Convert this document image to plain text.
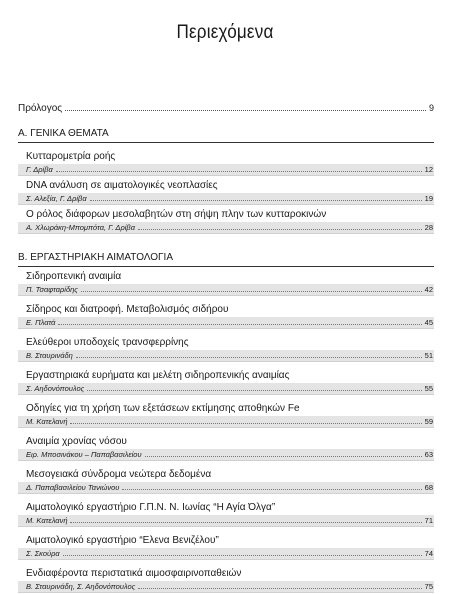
Περιεχόμενα
Πρόλογος	9
Α. ΓΕΝΙΚΑ ΘΕΜΑΤΑ
Κυτταρομετρία ροής
Γ. Δρίβα	12
DNA ανάλυση σε αιματολογικές νεοπλασίες
Σ. Αλεξία, Γ. Δρίβα	19
Ο ρόλος διάφορων μεσολαβητών στη σήψη πλην των κυτταροκινών
Α. Χλωράκη-Μπομπότα, Γ. Δρίβα	28
Β. ΕΡΓΑΣΤΗΡΙΑΚΗ ΑΙΜΑΤΟΛΟΓΙΑ
Σιδηροπενική αναιμία
Π. Τσαφταρίδης	42
Σίδηρος και διατροφή. Μεταβολισμός σιδήρου
Ε. Πλατά	45
Ελεύθεροι υποδοχείς τρανσφερρίνης
Β. Σταυρινάδη	51
Εργαστηριακά ευρήματα και μελέτη σιδηροπενικής αναιμίας
Σ. Αηδονόπουλος	55
Οδηγίες για τη χρήση των εξετάσεων εκτίμησης αποθηκών Fe
Μ. Κατελανή	59
Αναιμία χρονίας νόσου
Ειρ. Μποσινάκου – Παπαβασιλείου	63
Μεσογειακά σύνδρομα νεώτερα δεδομένα
Δ. Παπαβασιλείου Τανιώνου	68
Αιματολογικό εργαστήριο Γ.Π.Ν. Ν. Ιωνίας “Η Αγία Όλγα”
Μ. Κατελανή	71
Αιματολογικό εργαστήριο “Ελενα Βενιζέλου”
Σ. Σκούρα	74
Ενδιαφέροντα περιστατικά αιμοσφαιρινοπαθειών
Β. Σταυρινάδη, Σ. Αηδονόπουλος	75
